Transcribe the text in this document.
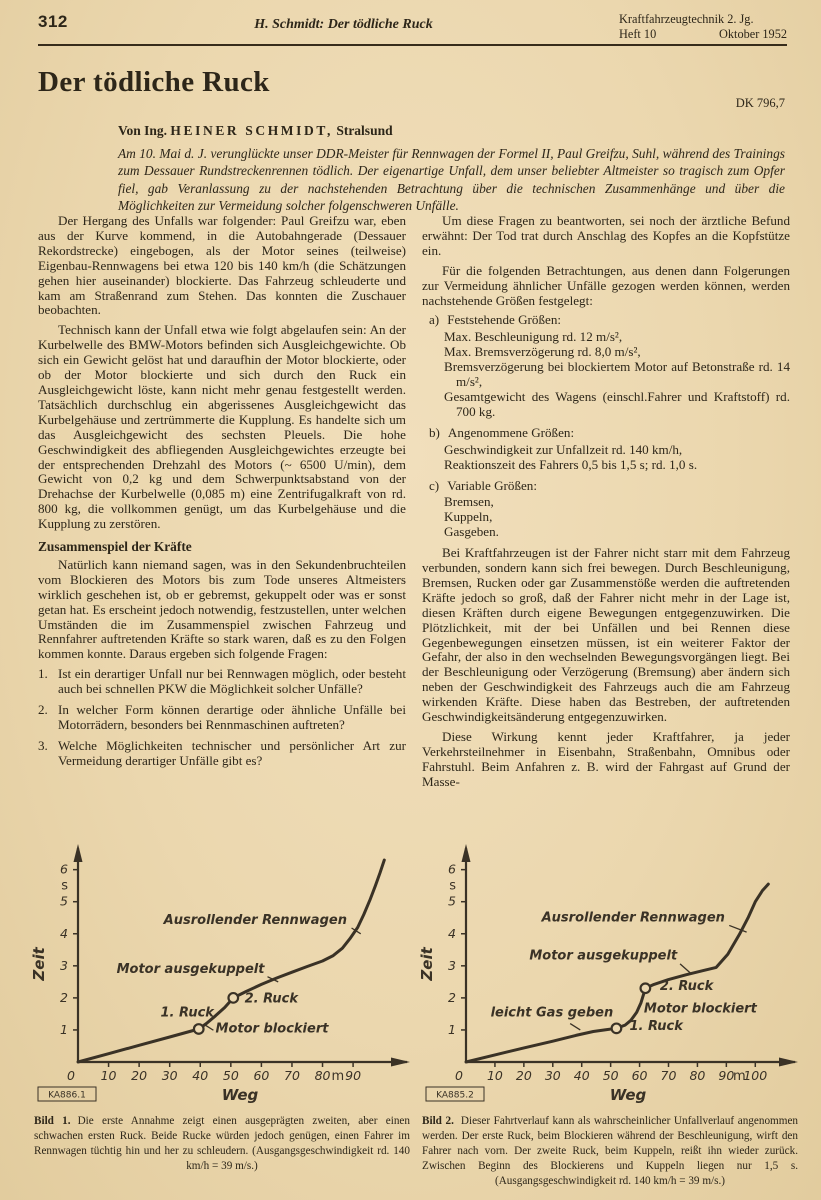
312	H. Schmidt: Der tödliche Ruck	Kraftfahrzeugtechnik 2. Jg.
Heft 10	Oktober 1952
Der tödliche Ruck
DK 796,7
Von Ing. HEINER SCHMIDT, Stralsund
Am 10. Mai d. J. verunglückte unser DDR-Meister für Rennwagen der Formel II, Paul Greifzu, Suhl, während des Trainings zum Dessauer Rundstreckenrennen tödlich. Der eigenartige Unfall, dem unser beliebter Altmeister so tragisch zum Opfer fiel, gab Veranlassung zu der nachstehenden Betrachtung über die technischen Zusammenhänge und über die Möglichkeiten zur Vermeidung solcher folgenschweren Unfälle.

Der Hergang des Unfalls war folgender: Paul Greifzu war, eben aus der Kurve kommend, in die Autobahngerade (Dessauer Rekordstrecke) eingebogen, als der Motor seines (teilweise) Eigenbau-Rennwagens bei etwa 120 bis 140 km/h (die Schätzungen gehen hier auseinander) blockierte. Das Fahrzeug schleuderte und kam am Straßenrand zum Stehen. Das konnten die Zuschauer beobachten.

Technisch kann der Unfall etwa wie folgt abgelaufen sein: An der Kurbelwelle des BMW-Motors befinden sich Ausgleichgewichte. Ob sich ein Gewicht gelöst hat und daraufhin der Motor blockierte, oder ob der Motor blockierte und sich durch den Ruck ein Ausgleichgewicht löste, kann nicht mehr genau festgestellt werden. Tatsächlich durchschlug ein abgerissenes Ausgleichgewicht das Kurbelgehäuse und zertrümmerte die Kupplung. Es handelte sich um das Ausgleichgewicht des sechsten Pleuels. Die hohe Geschwindigkeit des abfliegenden Ausgleichgewichtes erzeugte bei der entsprechenden Drehzahl des Motors (~ 6500 U/min), dem Gewicht von 0,2 kg und dem Schwerpunktsabstand von der Drehachse der Kurbelwelle (0,085 m) eine Zentrifugalkraft von rd. 800 kg, die vollkommen genügt, um das Kurbelgehäuse und die Kupplung zu zerstören.

Zusammenspiel der Kräfte

Natürlich kann niemand sagen, was in den Sekundenbruchteilen vom Blockieren des Motors bis zum Tode unseres Altmeisters wirklich geschehen ist, ob er gebremst, gekuppelt oder was er sonst getan hat. Es erscheint jedoch notwendig, festzustellen, unter welchen Umständen die im Zusammenspiel zwischen Fahrzeug und Rennfahrer auftretenden Kräfte so stark waren, daß es zu den Folgen kommen konnte. Daraus ergeben sich folgende Fragen:

1. Ist ein derartiger Unfall nur bei Rennwagen möglich, oder besteht auch bei schnellen PKW die Möglichkeit solcher Unfälle?
2. In welcher Form können derartige oder ähnliche Unfälle bei Motorrädern, besonders bei Rennmaschinen auftreten?
3. Welche Möglichkeiten technischer und persönlicher Art zur Vermeidung derartiger Unfälle gibt es?

Um diese Fragen zu beantworten, sei noch der ärztliche Befund erwähnt: Der Tod trat durch Anschlag des Kopfes an die Kopfstütze ein.

Für die folgenden Betrachtungen, aus denen dann Folgerungen zur Vermeidung ähnlicher Unfälle gezogen werden können, werden nachstehende Größen festgelegt:

a) Feststehende Größen:
Max. Beschleunigung rd. 12 m/s²,
Max. Bremsverzögerung rd. 8,0 m/s²,
Bremsverzögerung bei blockiertem Motor auf Betonstraße rd. 14 m/s²,
Gesamtgewicht des Wagens (einschl.Fahrer und Kraftstoff) rd. 700 kg.
b) Angenommene Größen:
Geschwindigkeit zur Unfallzeit rd. 140 km/h,
Reaktionszeit des Fahrers 0,5 bis 1,5 s; rd. 1,0 s.
c) Variable Größen:
Bremsen,
Kuppeln,
Gasgeben.

Bei Kraftfahrzeugen ist der Fahrer nicht starr mit dem Fahrzeug verbunden, sondern kann sich frei bewegen. Durch Beschleunigung, Bremsen, Rucken oder gar Zusammenstöße werden die auftretenden Kräfte jedoch so groß, daß der Fahrer nicht mehr in der Lage ist, diesen Kräften durch eigene Bewegungen entgegenzuwirken. Die Plötzlichkeit, mit der bei Unfällen und bei Rennen diese Gegenbewegungen einsetzen müssen, ist ein weiterer Faktor der Gefahr, der also in den wechselnden Bewegungsvorgängen liegt. Bei der Beschleunigung oder Verzögerung (Bremsung) aber ändern sich neben der Geschwindigkeit des Fahrzeugs auch die am Fahrzeug wirkenden Kräfte. Diese haben das Bestreben, der auftretenden Geschwindigkeitsänderung entgegenzuwirken.

Diese Wirkung kennt jeder Kraftfahrer, ja jeder Verkehrsteilnehmer in Eisenbahn, Straßenbahn, Omnibus oder Fahrstuhl. Beim Anfahren z. B. wird der Fahrgast auf Grund der Masse-

10 20 30 40 50 60 70 80 90
0	m
1
2
3
4
5
6
s
Weg
Zeit
Ausrollender Rennwagen
Motor ausgekuppelt
2. Ruck
1. Ruck
Motor blockiert
KA886.1
Bild 1. Die erste Annahme zeigt einen ausgeprägten zweiten, aber einen schwachen ersten Ruck. Beide Rucke würden jedoch genügen, einen Fahrer im Rennwagen tüchtig hin und her zu schleudern. (Ausgangsgeschwindigkeit rd. 140 km/h = 39 m/s.)
10 20 30 40 50 60 70 80 90 100
0	m
1
2
3
4
5
6
s
Weg
Zeit
Ausrollender Rennwagen
Motor ausgekuppelt
2. Ruck
Motor blockiert
1. Ruck
leicht Gas geben
KA885.2
Bild 2. Dieser Fahrtverlauf kann als wahrscheinlicher Unfallverlauf angenommen werden. Der erste Ruck, beim Blockieren während der Beschleunigung, wirft den Fahrer nach vorn. Der zweite Ruck, beim Kuppeln, reißt ihn wieder zurück. Zwischen Beginn des Blockierens und Kuppeln liegen nur 1,5 s. (Ausgangsgeschwindigkeit rd. 140 km/h = 39 m/s.)
